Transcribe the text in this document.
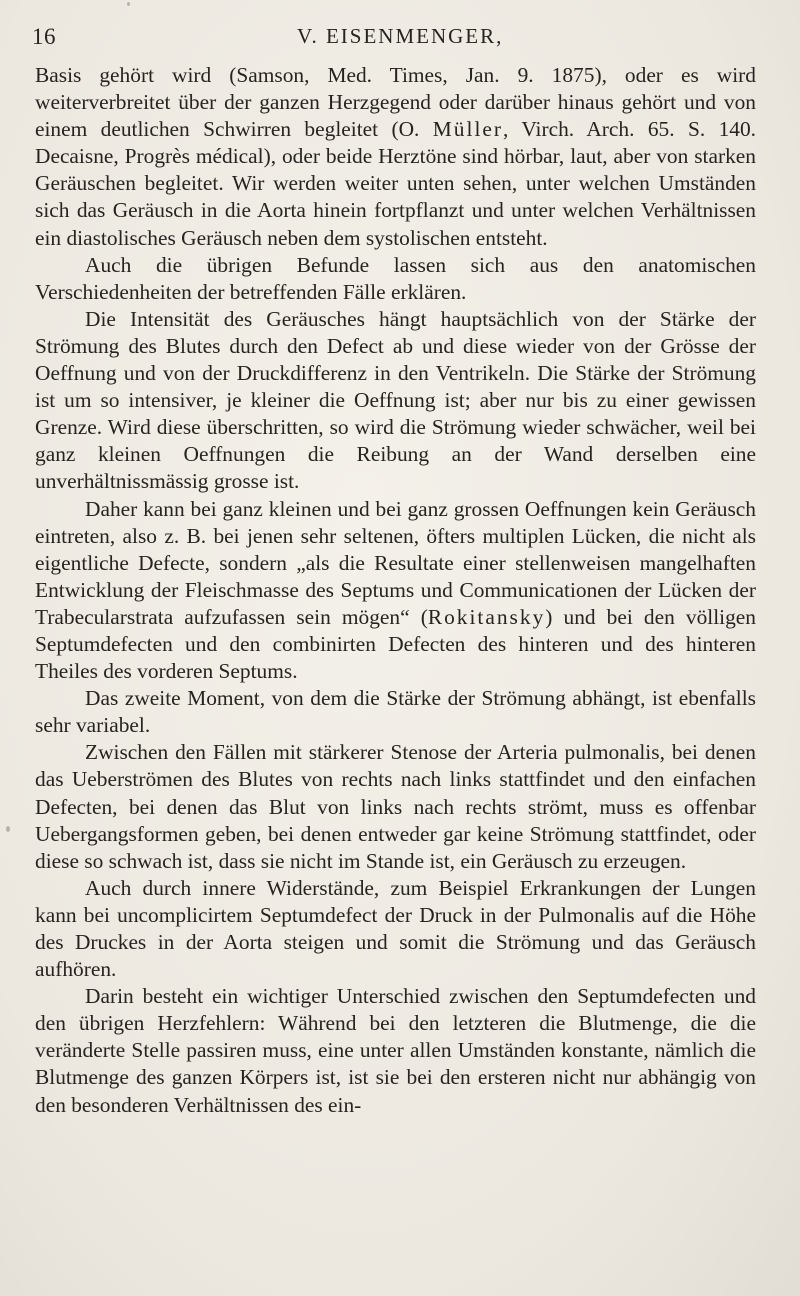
16	V. EISENMENGER,

Basis gehört wird (Samson, Med. Times, Jan. 9. 1875), oder es wird weiterverbreitet über der ganzen Herzgegend oder darüber hinaus gehört und von einem deutlichen Schwirren begleitet (O. Müller, Virch. Arch. 65. S. 140. Decaisne, Progrès médical), oder beide Herztöne sind hörbar, laut, aber von starken Geräuschen begleitet. Wir werden weiter unten sehen, unter welchen Umständen sich das Geräusch in die Aorta hinein fortpflanzt und unter welchen Verhältnissen ein diastolisches Geräusch neben dem systolischen entsteht.

Auch die übrigen Befunde lassen sich aus den anatomischen Verschiedenheiten der betreffenden Fälle erklären.

Die Intensität des Geräusches hängt hauptsächlich von der Stärke der Strömung des Blutes durch den Defect ab und diese wieder von der Grösse der Oeffnung und von der Druckdifferenz in den Ventrikeln. Die Stärke der Strömung ist um so intensiver, je kleiner die Oeffnung ist; aber nur bis zu einer gewissen Grenze. Wird diese überschritten, so wird die Strömung wieder schwächer, weil bei ganz kleinen Oeffnungen die Reibung an der Wand derselben eine unverhältnissmässig grosse ist.

Daher kann bei ganz kleinen und bei ganz grossen Oeffnungen kein Geräusch eintreten, also z. B. bei jenen sehr seltenen, öfters multiplen Lücken, die nicht als eigentliche Defecte, sondern „als die Resultate einer stellenweisen mangelhaften Entwicklung der Fleischmasse des Septums und Communicationen der Lücken der Trabecularstrata aufzufassen sein mögen“ (Rokitansky) und bei den völligen Septumdefecten und den combinirten Defecten des hinteren und des hinteren Theiles des vorderen Septums.

Das zweite Moment, von dem die Stärke der Strömung abhängt, ist ebenfalls sehr variabel.

Zwischen den Fällen mit stärkerer Stenose der Arteria pulmonalis, bei denen das Ueberströmen des Blutes von rechts nach links stattfindet und den einfachen Defecten, bei denen das Blut von links nach rechts strömt, muss es offenbar Uebergangsformen geben, bei denen entweder gar keine Strömung stattfindet, oder diese so schwach ist, dass sie nicht im Stande ist, ein Geräusch zu erzeugen.

Auch durch innere Widerstände, zum Beispiel Erkrankungen der Lungen kann bei uncomplicirtem Septumdefect der Druck in der Pulmonalis auf die Höhe des Druckes in der Aorta steigen und somit die Strömung und das Geräusch aufhören.

Darin besteht ein wichtiger Unterschied zwischen den Septumdefecten und den übrigen Herzfehlern: Während bei den letzteren die Blutmenge, die die veränderte Stelle passiren muss, eine unter allen Umständen konstante, nämlich die Blutmenge des ganzen Körpers ist, ist sie bei den ersteren nicht nur abhängig von den besonderen Verhältnissen des ein-
